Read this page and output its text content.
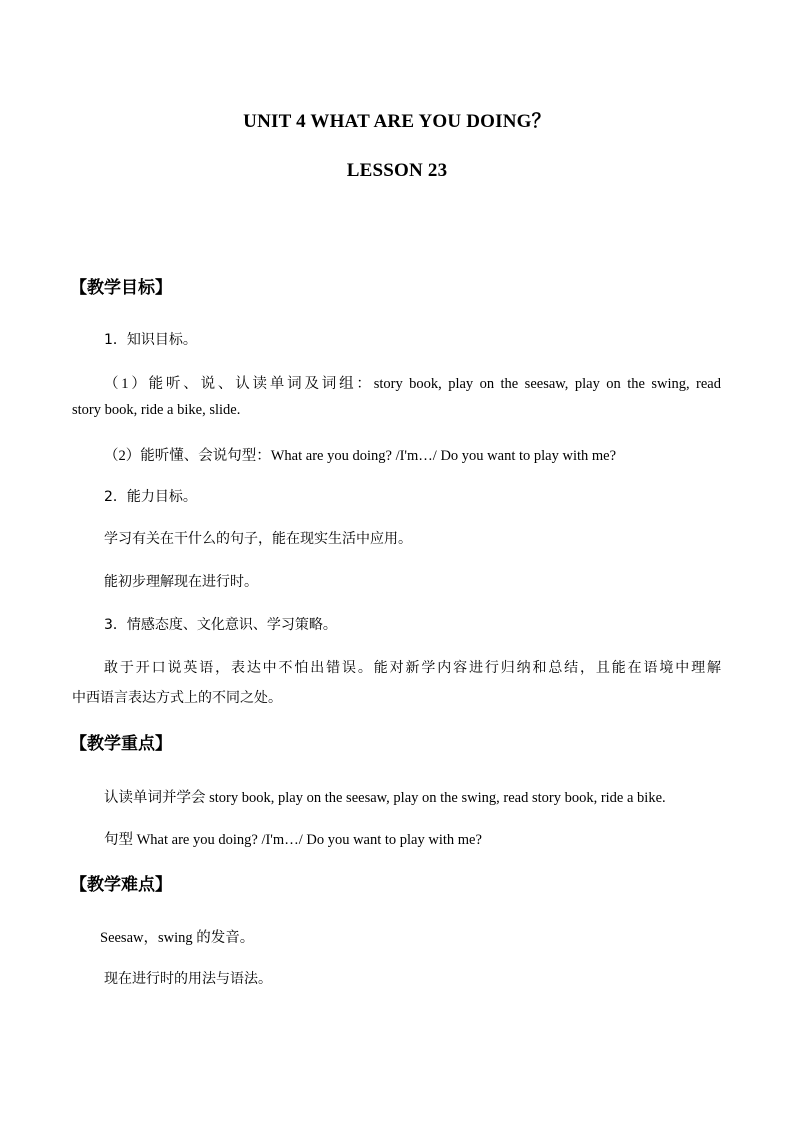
UNIT 4 WHAT ARE YOU DOING？
LESSON 23
【教学目标】
1．知识目标。
（1）能听、说、认读单词及词组：story book, play on the seesaw, play on the swing, read
story book, ride a bike, slide.
（2）能听懂、会说句型：What are you doing? /I'm…/ Do you want to play with me?
2．能力目标。
学习有关在干什么的句子，能在现实生活中应用。
能初步理解现在进行时。
3．情感态度、文化意识、学习策略。
敢于开口说英语，表达中不怕出错误。能对新学内容进行归纳和总结，且能在语境中理解
中西语言表达方式上的不同之处。
【教学重点】
认读单词并学会 story book, play on the seesaw, play on the swing, read story book, ride a bike.
句型 What are you doing? /I'm…/ Do you want to play with me?
【教学难点】
Seesaw，swing 的发音。
现在进行时的用法与语法。
